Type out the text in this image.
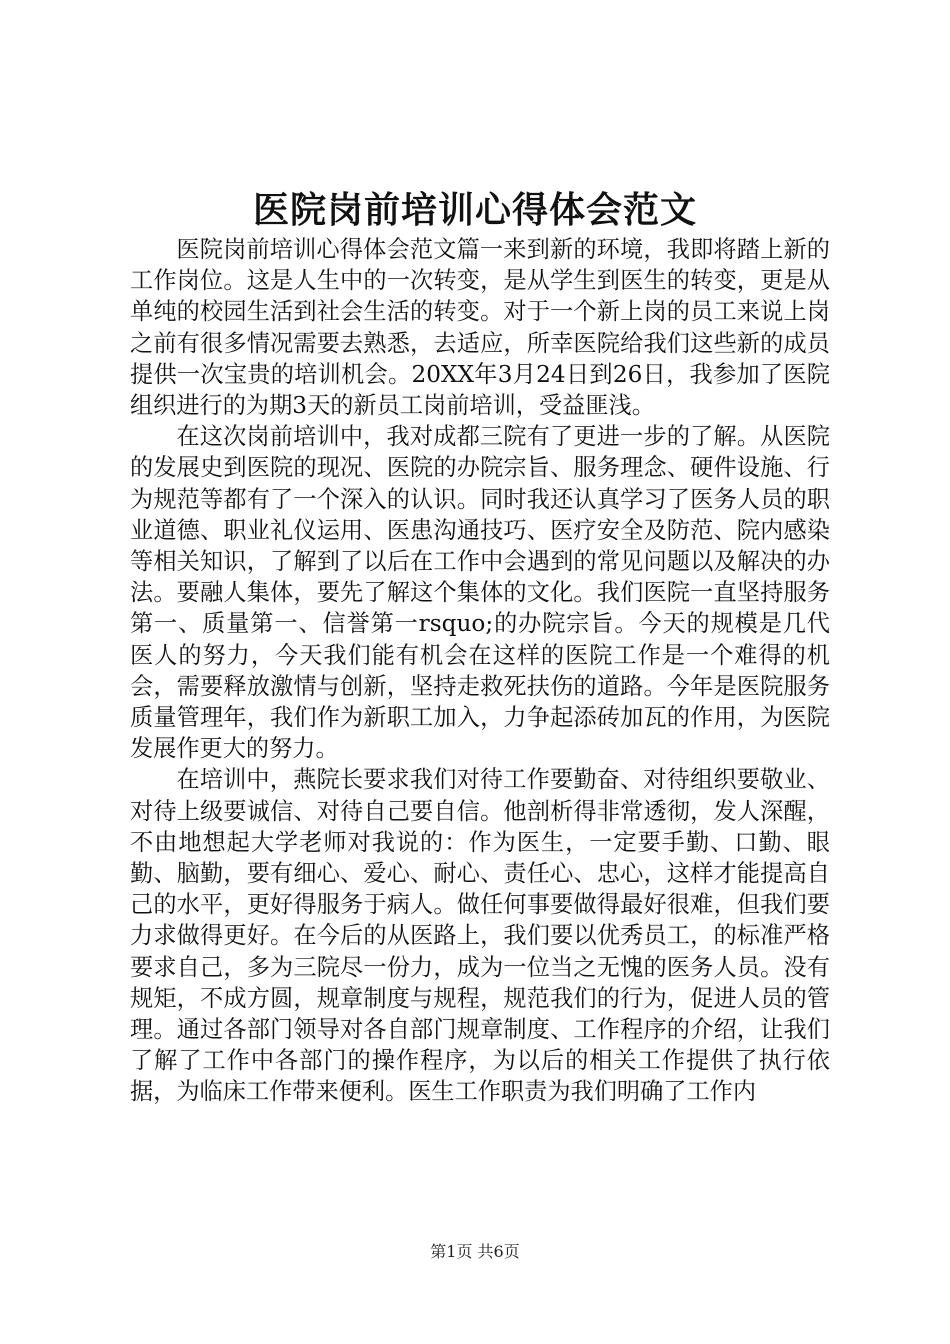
医院岗前培训心得体会范文

医院岗前培训心得体会范文篇一来到新的环境，我即将踏上新的工作岗位。这是人生中的一次转变，是从学生到医生的转变，更是从单纯的校园生活到社会生活的转变。对于一个新上岗的员工来说上岗之前有很多情况需要去熟悉，去适应，所幸医院给我们这些新的成员提供一次宝贵的培训机会。20XX年3月24日到26日，我参加了医院组织进行的为期3天的新员工岗前培训，受益匪浅。

在这次岗前培训中，我对成都三院有了更进一步的了解。从医院的发展史到医院的现况、医院的办院宗旨、服务理念、硬件设施、行为规范等都有了一个深入的认识。同时我还认真学习了医务人员的职业道德、职业礼仪运用、医患沟通技巧、医疗安全及防范、院内感染等相关知识，了解到了以后在工作中会遇到的常见问题以及解决的办法。要融人集体，要先了解这个集体的文化。我们医院一直坚持服务第一、质量第一、信誉第一rsquo;的办院宗旨。今天的规模是几代医人的努力，今天我们能有机会在这样的医院工作是一个难得的机会，需要释放激情与创新，坚持走救死扶伤的道路。今年是医院服务质量管理年，我们作为新职工加入，力争起添砖加瓦的作用，为医院发展作更大的努力。

在培训中，燕院长要求我们对待工作要勤奋、对待组织要敬业、对待上级要诚信、对待自己要自信。他剖析得非常透彻，发人深醒，不由地想起大学老师对我说的：作为医生，一定要手勤、口勤、眼勤、脑勤，要有细心、爱心、耐心、责任心、忠心，这样才能提高自己的水平，更好得服务于病人。做任何事要做得最好很难，但我们要力求做得更好。在今后的从医路上，我们要以优秀员工，的标准严格要求自己，多为三院尽一份力，成为一位当之无愧的医务人员。没有规矩，不成方圆，规章制度与规程，规范我们的行为，促进人员的管理。通过各部门领导对各自部门规章制度、工作程序的介绍，让我们了解了工作中各部门的操作程序，为以后的相关工作提供了执行依据，为临床工作带来便利。医生工作职责为我们明确了工作内

第1页 共6页
